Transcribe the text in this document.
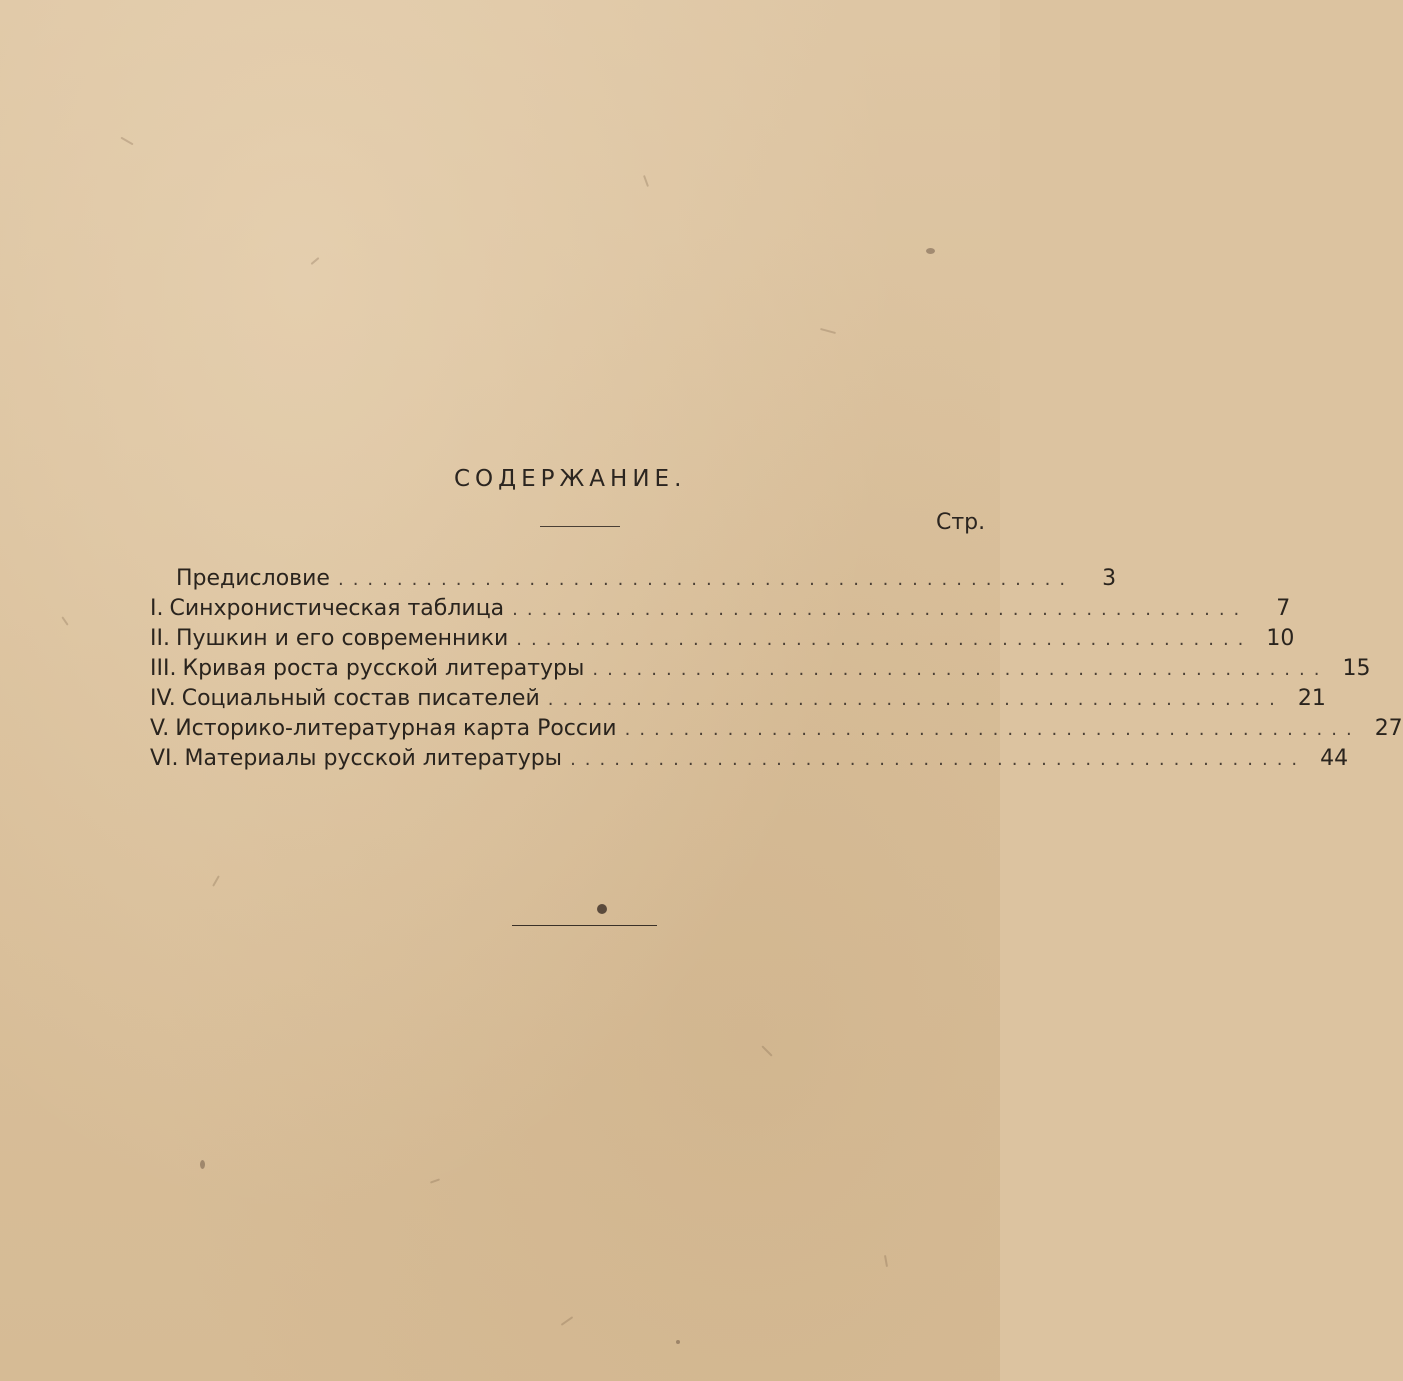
СОДЕРЖАНИЕ.
Стр.
Предисловие ..................................................	3
I. Синхронистическая таблица ..................................................	7
II. Пушкин и его современники .................................................. 10
III. Кривая роста русской литературы .................................................. 15
IV. Социальный состав писателей .................................................. 21
V. Историко-литературная карта России .................................................. 27
VI. Материалы русской литературы .................................................. 44
